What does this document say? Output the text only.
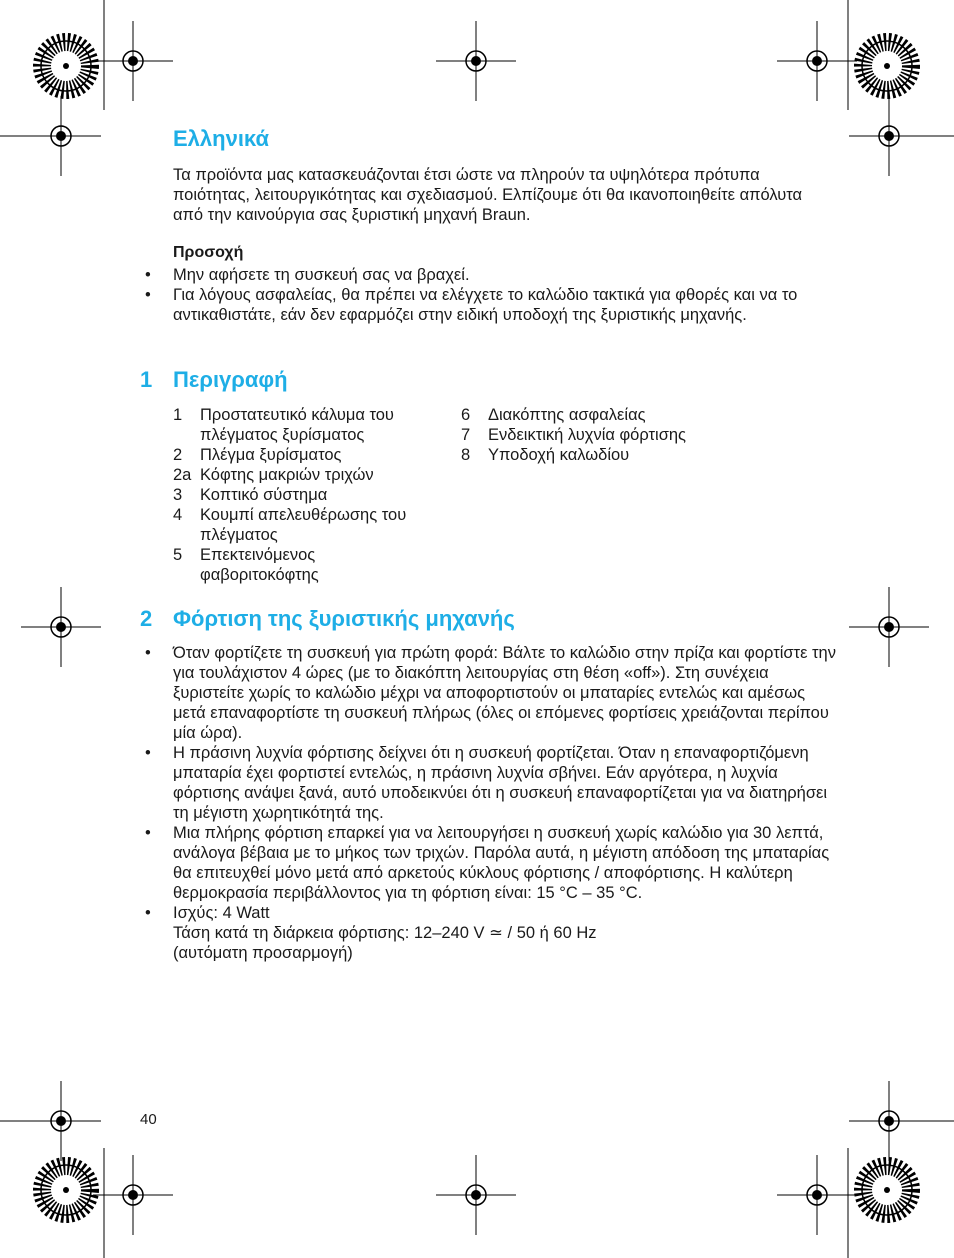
Ελληνικά

Τα προϊόντα μας κατασκευάζονται έτσι ώστε να πληρούν τα υψηλότερα πρότυπα ποιότητας, λειτουργικότητας και σχεδιασμού. Ελπίζουμε ότι θα ικανοποιηθείτε απόλυτα από την καινούργια σας ξυριστική μηχανή Braun.

Προσοχή
• Μην αφήσετε τη συσκευή σας να βραχεί.
• Για λόγους ασφαλείας, θα πρέπει να ελέγχετε το καλώδιο τακτικά για φθορές και να το αντικαθιστάτε, εάν δεν εφαρμόζει στην ειδική υποδοχή της ξυριστικής μηχανής.
1 Περιγραφή
1	Προστατευτικό κάλυμα του πλέγματος ξυρίσματος
2	Πλέγμα ξυρίσματος
2a Κόφτης μακριών τριχών
3	Κοπτικό σύστημα
4	Κουμπί απελευθέρωσης του πλέγματος
5	Επεκτεινόμενος φαβοριτοκόφτης
6	Διακόπτης ασφαλείας
7	Ενδεικτική λυχνία φόρτισης
8	Υποδοχή καλωδίου
2 Φόρτιση της ξυριστικής μηχανής
• Όταν φορτίζετε τη συσκευή για πρώτη φορά: Βάλτε το καλώδιο στην πρίζα και φορτίστε την για τουλάχιστον 4 ώρες (με το διακόπτη λειτουργίας στη θέση «off»). Στη συνέχεια ξυριστείτε χωρίς το καλώδιο μέχρι να αποφορτιστούν οι μπαταρίες εντελώς και αμέσως μετά επαναφορτίστε τη συσκευή πλήρως (όλες οι επόμενες φορτίσεις χρειάζονται περίπου μία ώρα).
• Η πράσινη λυχνία φόρτισης δείχνει ότι η συσκευή φορτίζεται. Όταν η επαναφορτιζόμενη μπαταρία έχει φορτιστεί εντελώς, η πράσινη λυχνία σβήνει. Εάν αργότερα, η λυχνία φόρτισης ανάψει ξανά, αυτό υποδεικνύει ότι η συσκευή επαναφορτίζεται για να διατηρήσει τη μέγιστη χωρητικότητά της.
• Μια πλήρης φόρτιση επαρκεί για να λειτουργήσει η συσκευή χωρίς καλώδιο για 30 λεπτά, ανάλογα βέβαια με το μήκος των τριχών. Παρόλα αυτά, η μέγιστη απόδοση της μπαταρίας θα επιτευχθεί μόνο μετά από αρκετούς κύκλους φόρτισης / αποφόρτισης. Η καλύτερη θερμοκρασία περιβάλλοντος για τη φόρτιση είναι: 15 °C – 35 °C.
• Ισχύς: 4 Watt
Τάση κατά τη διάρκεια φόρτισης: 12–240 V ≃ / 50 ή 60 Hz
(αυτόματη προσαρμογή)
40
